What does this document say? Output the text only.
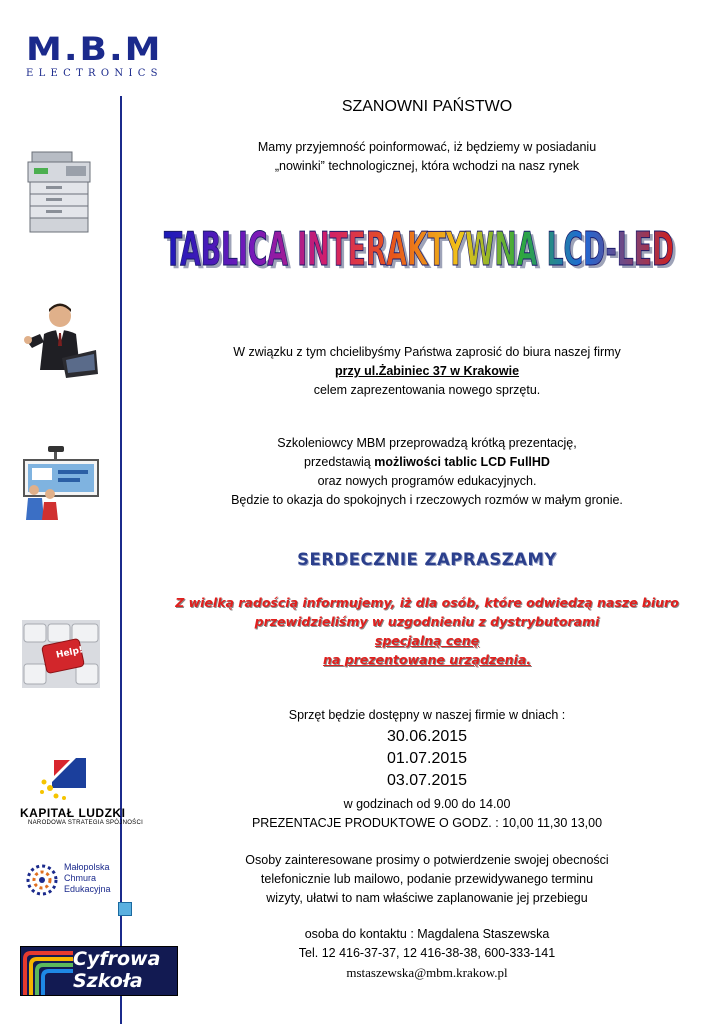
M.B.M
ELECTRONICS
Help!
KAPITAŁ LUDZKI
NARODOWA STRATEGIA SPÓJNOŚCI
Małopolska
Chmura
Edukacyjna
Cyfrowa
Szkoła
SZANOWNI PAŃSTWO
Mamy przyjemność poinformować, iż będziemy w posiadaniu
„nowinki” technologicznej, która wchodzi na nasz rynek
TABLICA INTERAKTYWNA LCD-LED
TABLICA INTERAKTYWNA LCD-LED
W związku z tym chcielibyśmy Państwa zaprosić do biura naszej firmy
przy ul.Żabiniec 37 w Krakowie
celem zaprezentowania nowego sprzętu.
Szkoleniowcy MBM przeprowadzą krótką prezentację,
przedstawią możliwości tablic LCD FullHD
oraz nowych programów edukacyjnych.
Będzie to okazja do spokojnych i rzeczowych rozmów w małym gronie.
SERDECZNIE ZAPRASZAMY
Z wielką radością informujemy, iż dla osób, które odwiedzą nasze biuro
przewidzieliśmy w uzgodnieniu z dystrybutorami
specjalną cenę
na prezentowane urządzenia.
Sprzęt będzie dostępny w naszej firmie w dniach :
30.06.2015
01.07.2015
03.07.2015
w godzinach od 9.00 do 14.00
PREZENTACJE PRODUKTOWE O GODZ. : 10,00 11,30 13,00
Osoby zainteresowane prosimy o potwierdzenie swojej obecności
telefonicznie lub mailowo, podanie przewidywanego terminu
wizyty, ułatwi to nam właściwe zaplanowanie jej przebiegu
osoba do kontaktu : Magdalena Staszewska
Tel. 12 416-37-37, 12 416-38-38, 600-333-141
mstaszewska@mbm.krakow.pl
